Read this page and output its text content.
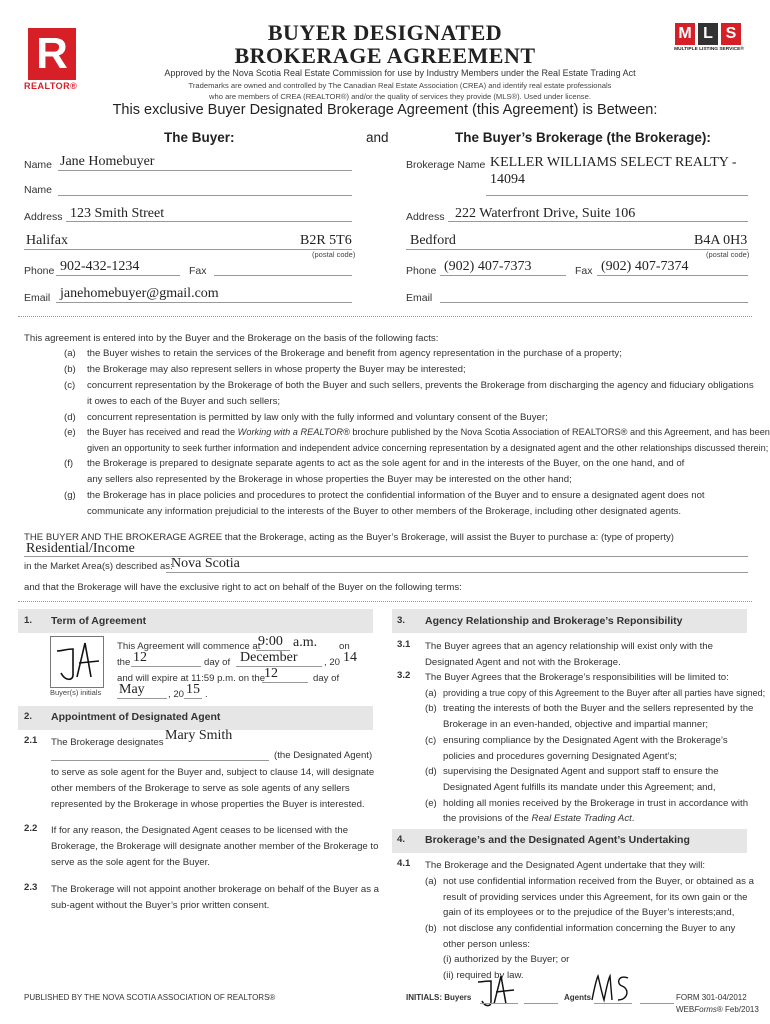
R
REALTOR®
BUYER DESIGNATED
BROKERAGE AGREEMENT
M L S
MULTIPLE LISTING SERVICE®
Approved by the Nova Scotia Real Estate Commission for use by Industry Members under the Real Estate Trading Act
Trademarks are owned and controlled by The Canadian Real Estate Association (CREA) and identify real estate professionals
who are members of CREA (REALTOR®) and/or the quality of services they provide (MLS®). Used under license.
This exclusive Buyer Designated Brokerage Agreement (this Agreement) is Between:
The Buyer:	and	The Buyer’s Brokerage (the Brokerage):
Name Jane Homebuyer
Name
Address 123 Smith Street
Halifax	B2R 5T6
(postal code)
Phone 902-432-1234	Fax
Email janehomebuyer@gmail.com
Brokerage Name KELLER WILLIAMS SELECT REALTY -
14094
Address 222 Waterfront Drive, Suite 106
Bedford	B4A 0H3
(postal code)
Phone (902) 407-7373	Fax (902) 407-7374
Email
This agreement is entered into by the Buyer and the Brokerage on the basis of the following facts:
(a) the Buyer wishes to retain the services of the Brokerage and benefit from agency representation in the purchase of a property;
(b) the Brokerage may also represent sellers in whose property the Buyer may be interested;
(c) concurrent representation by the Brokerage of both the Buyer and such sellers, prevents the Brokerage from discharging the agency and fiduciary obligations
it owes to each of the Buyer and such sellers;
(d) concurrent representation is permitted by law only with the fully informed and voluntary consent of the Buyer;
(e) the Buyer has received and read the Working with a REALTOR® brochure published by the Nova Scotia Association of REALTORS® and this Agreement, and has been
given an opportunity to seek further information and independent advice concerning representation by a designated agent and the other relationships discussed therein;
(f) the Brokerage is prepared to designate separate agents to act as the sole agent for and in the interests of the Buyer, on the one hand, and of
any sellers also represented by the Brokerage in whose properties the Buyer may be interested on the other hand;
(g) the Brokerage has in place policies and procedures to protect the confidential information of the Buyer and to ensure a designated agent does not
communicate any information prejudicial to the interests of the Buyer to other members of the Brokerage, including other designated agents.
THE BUYER AND THE BROKERAGE AGREE that the Brokerage, acting as the Buyer’s Brokerage, will assist the Buyer to purchase a: (type of property)
Residential/Income
in the Market Area(s) described as:
Nova Scotia
and that the Brokerage will have the exclusive right to act on behalf of the Buyer on the following terms:
1. Term of Agreement
Buyer(s) initials
This Agreement will commence at
9:00 a.m. on
the 12	day of December	, 20 14
and will expire at 11:59 p.m. on the
12	day of
May , 20 15 .
2. Appointment of Designated Agent
2.1 The Brokerage designates Mary Smith
(the Designated Agent)
to serve as sole agent for the Buyer and, subject to clause 14, will designate
other members of the Brokerage to serve as sole agents of any sellers
represented by the Brokerage in whose properties the Buyer is interested.
2.2 If for any reason, the Designated Agent ceases to be licensed with the
Brokerage, the Brokerage will designate another member of the Brokerage to
serve as the sole agent for the Buyer.
2.3 The Brokerage will not appoint another brokerage on behalf of the Buyer as a
sub-agent without the Buyer’s prior written consent.
3. Agency Relationship and Brokerage’s Reponsibility
3.1 The Buyer agrees that an agency relationship will exist only with the
Designated Agent and not with the Brokerage.
3.2 The Buyer Agrees that the Brokerage’s responsibilities will be limited to:
(a) providing a true copy of this Agreement to the Buyer after all parties have signed;
(b) treating the interests of both the Buyer and the sellers represented by the
Brokerage in an even-handed, objective and impartial manner;
(c) ensuring compliance by the Designated Agent with the Brokerage’s
policies and procedures governing Designated Agent’s;
(d) supervising the Designated Agent and support staff to ensure the
Designated Agent fulfills its mandate under this Agreement; and,
(e) holding all monies received by the Brokerage in trust in accordance with
the provisions of the Real Estate Trading Act.
4. Brokerage’s and the Designated Agent’s Undertaking
4.1 The Brokerage and the Designated Agent undertake that they will:
(a) not use confidential information received from the Buyer, or obtained as a
result of providing services under this Agreement, for its own gain or the
gain of its employees or to the prejudice of the Buyer’s interests;and,
(b) not disclose any confidential information concerning the Buyer to any
other person unless:
(i) authorized by the Buyer; or
(ii) required by law.
PUBLISHED BY THE NOVA SCOTIA ASSOCIATION OF REALTORS®	INITIALS: Buyers	Agents	FORM 301-04/2012
WEBForms® Feb/2013
